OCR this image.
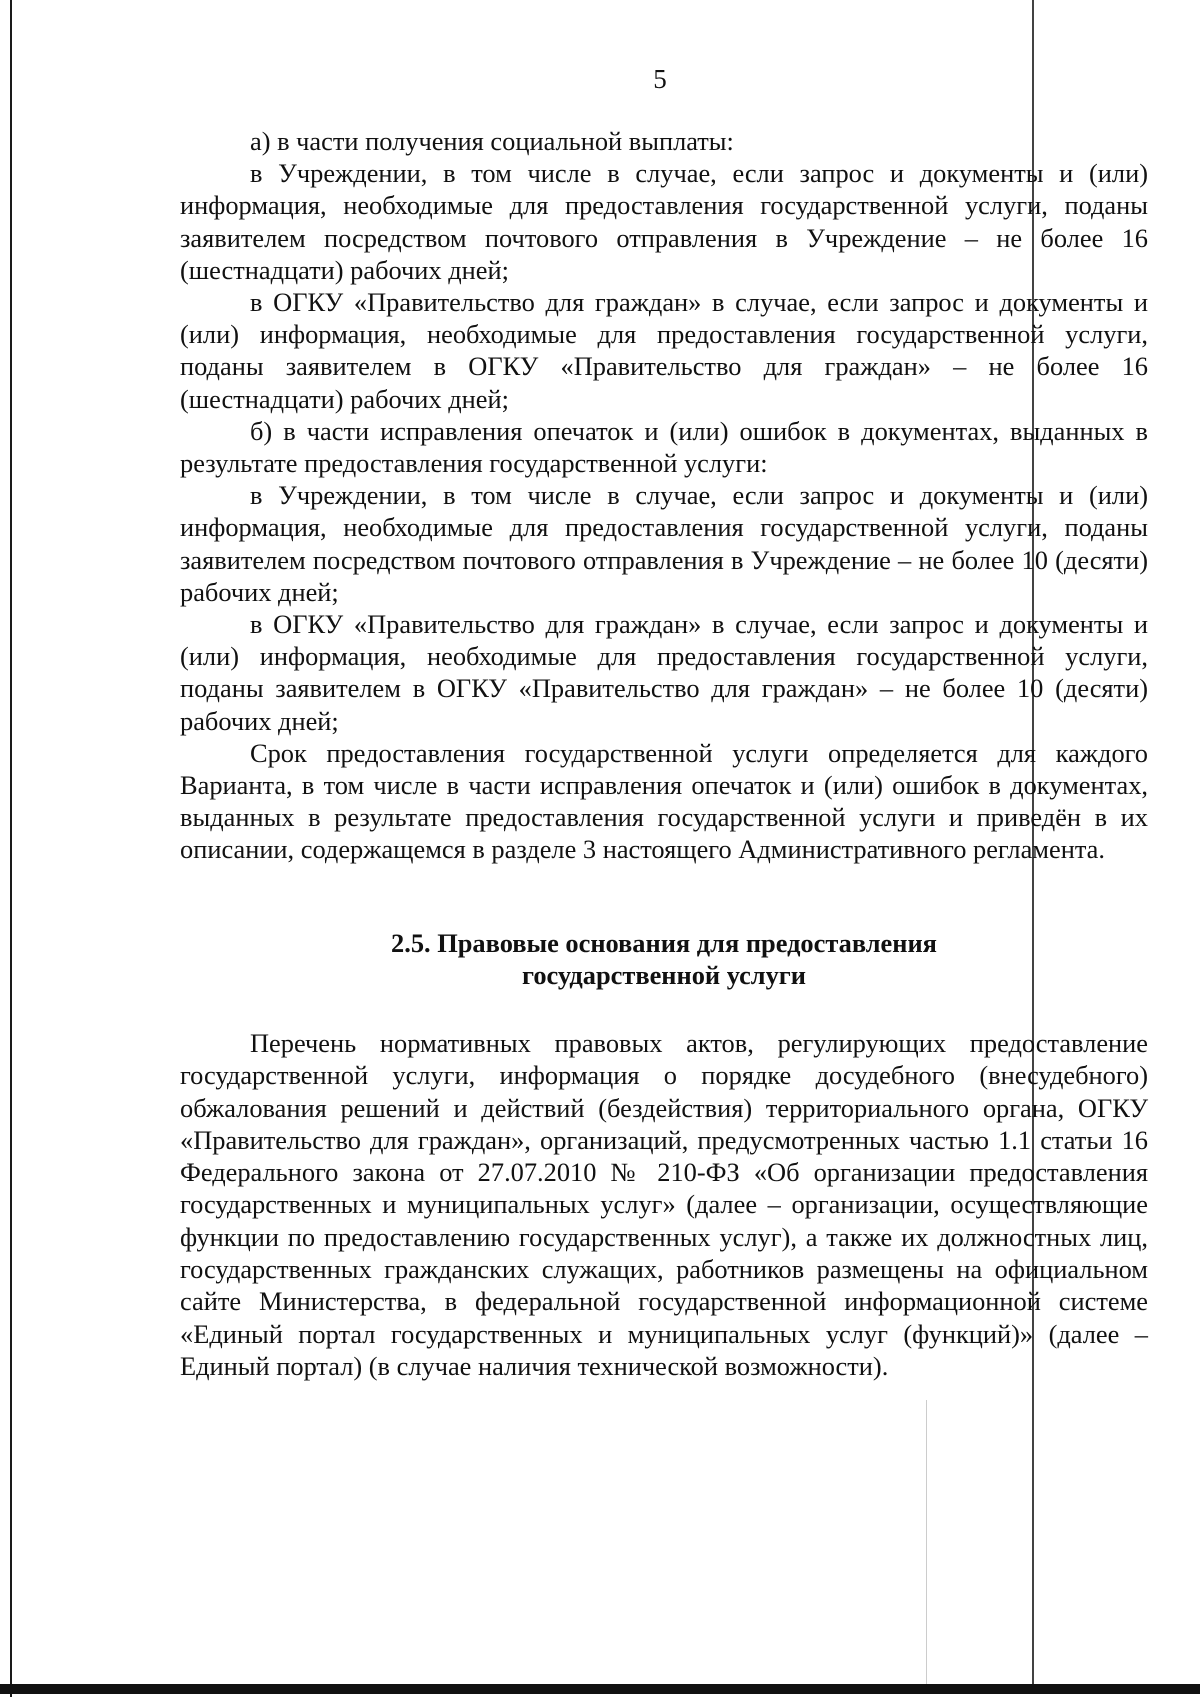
5

а) в части получения социальной выплаты:

в Учреждении, в том числе в случае, если запрос и документы и (или) информация, необходимые для предоставления государственной услуги, поданы заявителем посредством почтового отправления в Учреждение – не более 16 (шестнадцати) рабочих дней;

в ОГКУ «Правительство для граждан» в случае, если запрос и документы и (или) информация, необходимые для предоставления государственной услуги, поданы заявителем в ОГКУ «Правительство для граждан» – не более 16 (шестнадцати) рабочих дней;

б) в части исправления опечаток и (или) ошибок в документах, выданных в результате предоставления государственной услуги:

в Учреждении, в том числе в случае, если запрос и документы и (или) информация, необходимые для предоставления государственной услуги, поданы заявителем посредством почтового отправления в Учреждение – не более 10 (десяти) рабочих дней;

в ОГКУ «Правительство для граждан» в случае, если запрос и документы и (или) информация, необходимые для предоставления государственной услуги, поданы заявителем в ОГКУ «Правительство для граждан» – не более 10 (десяти) рабочих дней;

Срок предоставления государственной услуги определяется для каждого Варианта, в том числе в части исправления опечаток и (или) ошибок в документах, выданных в результате предоставления государственной услуги и приведён в их описании, содержащемся в разделе 3 настоящего Административного регламента.

2.5. Правовые основания для предоставления
государственной услуги

Перечень нормативных правовых актов, регулирующих предоставление государственной услуги, информация о порядке досудебного (внесудебного) обжалования решений и действий (бездействия) территориального органа, ОГКУ «Правительство для граждан», организаций, предусмотренных частью 1.1 статьи 16 Федерального закона от 27.07.2010 № 210-ФЗ «Об организации предоставления государственных и муниципальных услуг» (далее – организации, осуществляющие функции по предоставлению государственных услуг), а также их должностных лиц, государственных гражданских служащих, работников размещены на официальном сайте Министерства, в федеральной государственной информационной системе «Единый портал государственных и муниципальных услуг (функций)» (далее – Единый портал) (в случае наличия технической возможности).
